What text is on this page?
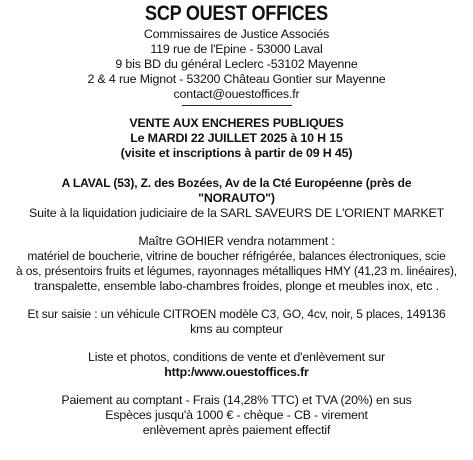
SCP OUEST OFFICES
Commissaires de Justice Associés
119 rue de l'Epine - 53000 Laval
9 bis BD du général Leclerc -53102 Mayenne
2 & 4 rue Mignot - 53200 Château Gontier sur Mayenne
contact@ouestoffices.fr
VENTE AUX ENCHERES PUBLIQUES
Le MARDI 22 JUILLET 2025 à 10 H 15
(visite et inscriptions à partir de 09 H 45)
A LAVAL (53), Z. des Bozées, Av de la Cté Européenne (près de
"NORAUTO")
Suite à la liquidation judiciaire de la SARL SAVEURS DE L'ORIENT MARKET
Maître GOHIER vendra notamment :
matériel de boucherie, vitrine de boucher réfrigérée, balances électroniques, scie
à os, présentoirs fruits et légumes, rayonnages métalliques HMY (41,23 m. linéaires),
transpalette, ensemble labo-chambres froides, plonge et meubles inox, etc .
Et sur saisie : un véhicule CITROEN modèle C3, GO, 4cv, noir, 5 places, 149136
kms au compteur
Liste et photos, conditions de vente et d'enlèvement sur
http:/www.ouestoffices.fr
Paiement au comptant - Frais (14,28% TTC) et TVA (20%) en sus
Espèces jusqu'à 1000 € - chèque - CB - virement
enlèvement après paiement effectif
